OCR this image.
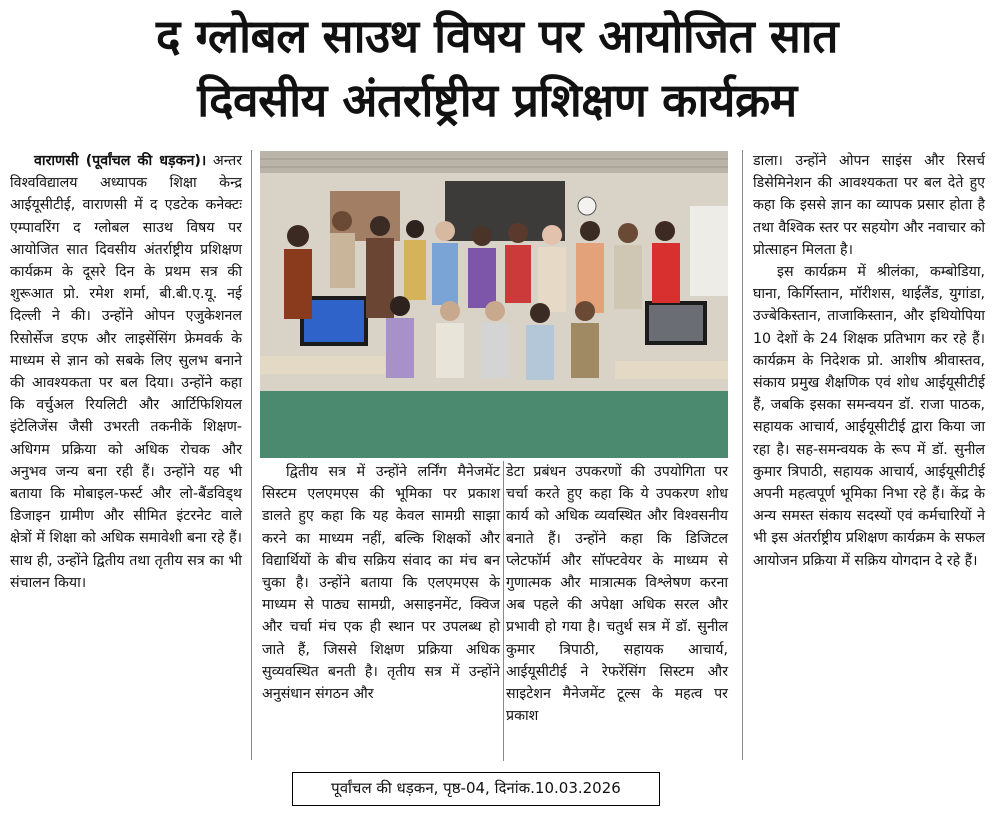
द ग्लोबल साउथ विषय पर आयोजित सात
दिवसीय अंतर्राष्ट्रीय प्रशिक्षण कार्यक्रम

वाराणसी (पूर्वांचल की धड़कन)। अन्तर विश्वविद्यालय अध्यापक शिक्षा केन्द्र आईयूसीटीई, वाराणसी में द एडटेक कनेक्टः एम्पावरिंग द ग्लोबल साउथ विषय पर आयोजित सात दिवसीय अंतर्राष्ट्रीय प्रशिक्षण कार्यक्रम के दूसरे दिन के प्रथम सत्र की शुरूआत प्रो. रमेश शर्मा, बी.बी.ए.यू. नई दिल्ली ने की। उन्होंने ओपन एजुकेशनल रिसोर्सेज डएफ और लाइसेंसिंग फ्रेमवर्क के माध्यम से ज्ञान को सबके लिए सुलभ बनाने की आवश्यकता पर बल दिया। उन्होंने कहा कि वर्चुअल रियलिटी और आर्टिफिशियल इंटेलिजेंस जैसी उभरती तकनीकें शिक्षण-अधिगम प्रक्रिया को अधिक रोचक और अनुभव जन्य बना रही हैं। उन्होंने यह भी बताया कि मोबाइल-फर्स्ट और लो-बैंडविड्थ डिजाइन ग्रामीण और सीमित इंटरनेट वाले क्षेत्रों में शिक्षा को अधिक समावेशी बना रहे हैं। साथ ही, उन्होंने द्वितीय तथा तृतीय सत्र का भी संचालन किया।

द्वितीय सत्र में उन्होंने लर्निंग मैनेजमेंट सिस्टम एलएमएस की भूमिका पर प्रकाश डालते हुए कहा कि यह केवल सामग्री साझा करने का माध्यम नहीं, बल्कि शिक्षकों और विद्यार्थियों के बीच सक्रिय संवाद का मंच बन चुका है। उन्होंने बताया कि एलएमएस के माध्यम से पाठ्य सामग्री, असाइनमेंट, क्विज और चर्चा मंच एक ही स्थान पर उपलब्ध हो जाते हैं, जिससे शिक्षण प्रक्रिया अधिक सुव्यवस्थित बनती है। तृतीय सत्र में उन्होंने अनुसंधान संगठन और

डेटा प्रबंधन उपकरणों की उपयोगिता पर चर्चा करते हुए कहा कि ये उपकरण शोध कार्य को अधिक व्यवस्थित और विश्वसनीय बनाते हैं। उन्होंने कहा कि डिजिटल प्लेटफॉर्म और सॉफ्टवेयर के माध्यम से गुणात्मक और मात्रात्मक विश्लेषण करना अब पहले की अपेक्षा अधिक सरल और प्रभावी हो गया है। चतुर्थ सत्र में डॉ. सुनील कुमार त्रिपाठी, सहायक आचार्य, आईयूसीटीई ने रेफरेंसिंग सिस्टम और साइटेशन मैनेजमेंट टूल्स के महत्व पर प्रकाश

डाला। उन्होंने ओपन साइंस और रिसर्च डिसेमिनेशन की आवश्यकता पर बल देते हुए कहा कि इससे ज्ञान का व्यापक प्रसार होता है तथा वैश्विक स्तर पर सहयोग और नवाचार को प्रोत्साहन मिलता है।

इस कार्यक्रम में श्रीलंका, कम्बोडिया, घाना, किर्गिस्तान, मॉरीशस, थाईलैंड, युगांडा, उज्बेकिस्तान, ताजाकिस्तान, और इथियोपिया 10 देशों के 24 शिक्षक प्रतिभाग कर रहे हैं। कार्यक्रम के निदेशक प्रो. आशीष श्रीवास्तव, संकाय प्रमुख शैक्षणिक एवं शोध आईयूसीटीई हैं, जबकि इसका समन्वयन डॉ. राजा पाठक, सहायक आचार्य, आईयूसीटीई द्वारा किया जा रहा है। सह-समन्वयक के रूप में डॉ. सुनील कुमार त्रिपाठी, सहायक आचार्य, आईयूसीटीई अपनी महत्वपूर्ण भूमिका निभा रहे हैं। केंद्र के अन्य समस्त संकाय सदस्यों एवं कर्मचारियों ने भी इस अंतर्राष्ट्रीय प्रशिक्षण कार्यक्रम के सफल आयोजन प्रक्रिया में सक्रिय योगदान दे रहे हैं।

पूर्वांचल की धड़कन, पृष्ठ-04, दिनांक.10.03.2026
